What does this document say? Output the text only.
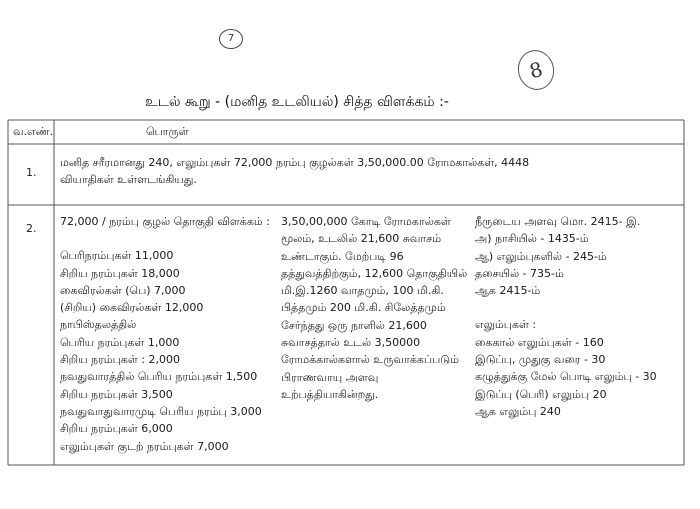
7
8
உடல் கூறு - (மனித உடலியல்) சித்த விளக்கம் :-
வ.எண்.	பொருள்
1.
மனித சரீரமானது 240, எலும்புகள் 72,000 நரம்பு குழல்கள் 3,50,000.00 ரோமகால்கள், 4448
வியாதிகள் உள்ளடங்கியது.
2.
72,000 / நரம்பு குழல் தொகுதி விளக்கம் :
பெரிநரம்புகள் 11,000
சிறிய நரம்புகள் 18,000
கைவிரல்கள் (பெ) 7,000
(சிறிய) கைவிரல்கள் 12,000
நாபிஸ்தலத்தில்
பெரிய நரம்புகள் 1,000
சிறிய நரம்புகள் : 2,000
நவதுவாரத்தில் பெரிய நரம்புகள் 1,500
சிறிய நரம்புகள் 3,500
நவதுவாதுவாரமுடி பெரிய நரம்பு 3,000
சிறிய நரம்புகள் 6,000
எலும்புகள் குடற் நரம்புகள் 7,000
3,50,00,000 கோடி ரோமகால்கள்
மூலம், உடலில் 21,600 சுவாசம்
உண்டாகும். மேற்படி 96
தத்துவத்திற்கும், 12,600 தொகுதியில்
மி.இ.1260 வாதமும், 100 மி.கி.
பித்தமும் 200 மி.கி. சிலேத்தமும்
சேர்ந்தது ஒரு நாளில் 21,600
சுவாசத்தால் உடல் 3,50000
ரோமக்கால்களால் உருவாக்கப்படும்
பிராணவாயு அளவு
உற்பத்தியாகின்றது.
நீருடைய அளவு மொ. 2415- இ.
அ) நாசியில் - 1435-ம்
ஆ) எலும்புகளில் - 245-ம்
தசையில் - 735-ம்
ஆக 2415-ம்
எலும்புகள் :
கைகால் எலும்புகள் - 160
இடுப்பு, முதுகு வரை - 30
கழுத்துக்கு மேல் பொடி எலும்பு - 30
இடுப்பு (பெரி) எலும்பு 20
ஆக எலும்பு 240
